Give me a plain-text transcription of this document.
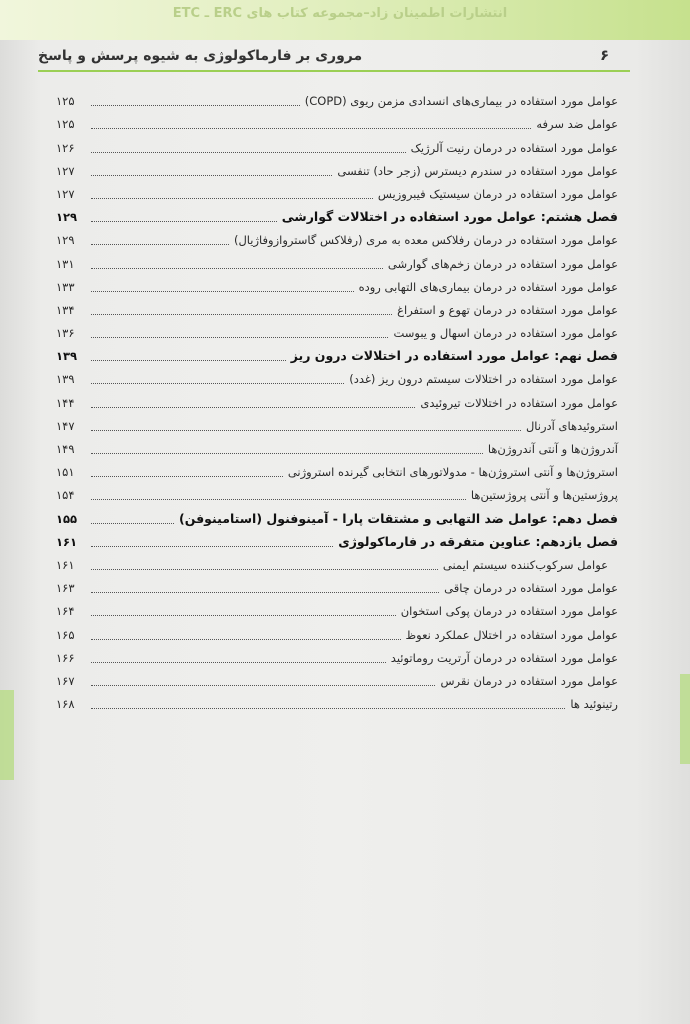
انتشارات اطمینان زاد–مجموعه کتاب های ERC ـ ETC
مروری بر فارماکولوژی به شیوه پرسش و پاسخ	۶
عوامل مورد استفاده در بیماری‌های انسدادی مزمن ریوی (COPD)
۱۲۵
عوامل ضد سرفه
۱۲۵
عوامل مورد استفاده در درمان رنیت آلرژیک
۱۲۶
عوامل مورد استفاده در سندرم دیسترس (زجر حاد) تنفسی
۱۲۷
عوامل مورد استفاده در درمان سیستیک فیبروزیس
۱۲۷
فصل هشتم: عوامل مورد استفاده در اختلالات گوارشی
۱۲۹
عوامل مورد استفاده در درمان رفلاکس معده به مری (رفلاکس گاستروازوفاژیال)
۱۲۹
عوامل مورد استفاده در درمان زخم‌های گوارشی
۱۳۱
عوامل مورد استفاده در درمان بیماری‌های التهابی روده
۱۳۳
عوامل مورد استفاده در درمان تهوع و استفراغ
۱۳۴
عوامل مورد استفاده در درمان اسهال و یبوست
۱۳۶
فصل نهم: عوامل مورد استفاده در اختلالات درون ریز
۱۳۹
عوامل مورد استفاده در اختلالات سیستم درون ریز (غدد)
۱۳۹
عوامل مورد استفاده در اختلالات تیروئیدی
۱۴۴
استروئیدهای آدرنال
۱۴۷
آندروژن‌ها و آنتی آندروژن‌ها
۱۴۹
استروژن‌ها و آنتی استروژن‌ها - مدولاتورهای انتخابی گیرنده استروژنی
۱۵۱
پروژستین‌ها و آنتی پروژستین‌ها
۱۵۴
فصل دهم: عوامل ضد التهابی و مشتقات پارا - آمینوفنول (استامینوفن)
۱۵۵
فصل یازدهم: عناوین متفرقه در فارماکولوژی
۱۶۱
عوامل سرکوب‌کننده سیستم ایمنی
۱۶۱
عوامل مورد استفاده در درمان چاقی
۱۶۳
عوامل مورد استفاده در درمان پوکی استخوان
۱۶۴
عوامل مورد استفاده در اختلال عملکرد نعوظ
۱۶۵
عوامل مورد استفاده در درمان آرتریت روماتوئید
۱۶۶
عوامل مورد استفاده در درمان نقرس
۱۶۷
رتینوئید ها
۱۶۸
